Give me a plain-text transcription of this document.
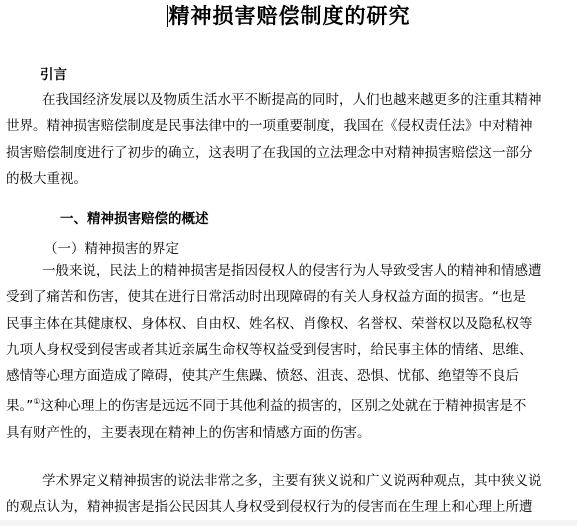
精神损害赔偿制度的研究
引言
在我国经济发展以及物质生活水平不断提高的同时，人们也越来越更多的注重其精神
世界。精神损害赔偿制度是民事法律中的一项重要制度，我国在《侵权责任法》中对精神
损害赔偿制度进行了初步的确立，这表明了在我国的立法理念中对精神损害赔偿这一部分
的极大重视。
一、精神损害赔偿的概述
（一）精神损害的界定
一般来说，民法上的精神损害是指因侵权人的侵害行为人导致受害人的精神和情感遭
受到了痛苦和伤害，使其在进行日常活动时出现障碍的有关人身权益方面的损害。“也是
民事主体在其健康权、身体权、自由权、姓名权、肖像权、名誉权、荣誉权以及隐私权等
九项人身权受到侵害或者其近亲属生命权等权益受到侵害时，给民事主体的情绪、思维、
感情等心理方面造成了障碍，使其产生焦躁、愤怒、沮丧、恐惧、忧郁、绝望等不良后
果。”①这种心理上的伤害是远远不同于其他利益的损害的，区别之处就在于精神损害是不
具有财产性的，主要表现在精神上的伤害和情感方面的伤害。
学术界定义精神损害的说法非常之多，主要有狭义说和广义说两种观点，其中狭义说
的观点认为，精神损害是指公民因其人身权受到侵权行为的侵害而在生理上和心理上所遭
